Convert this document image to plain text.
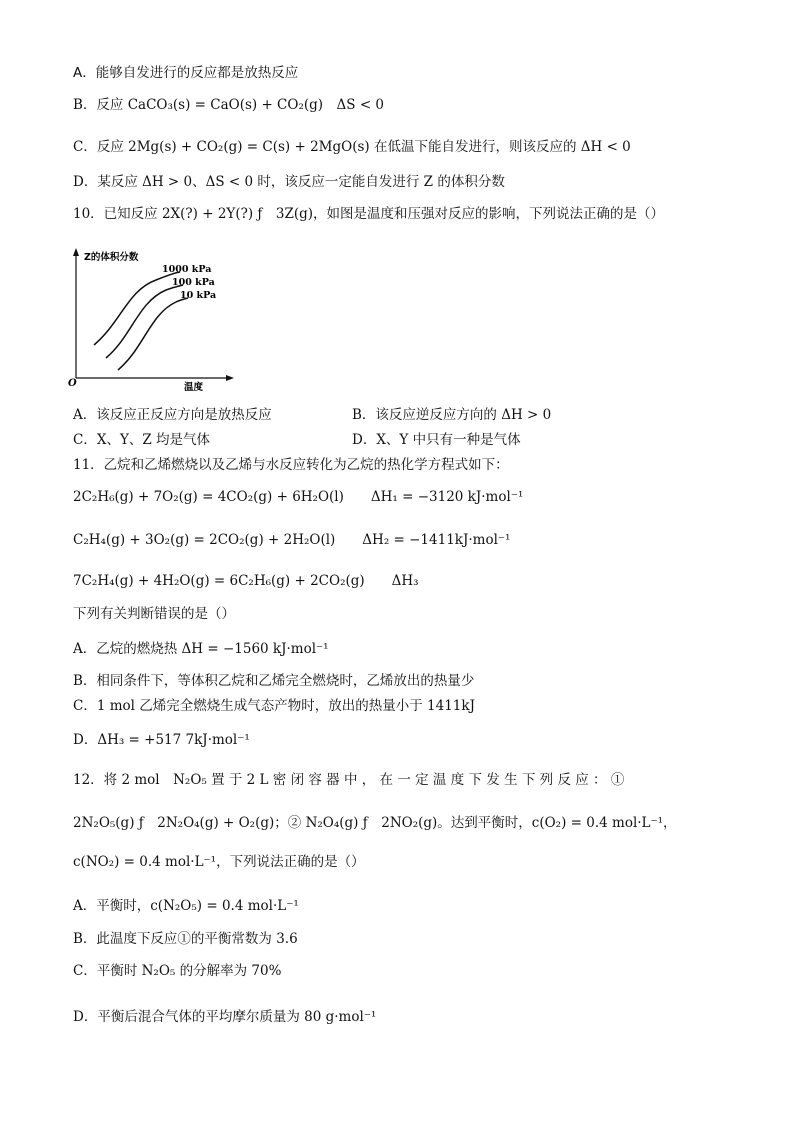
A．能够自发进行的反应都是放热反应
B．反应 CaCO₃(s) = CaO(s) + CO₂(g)　ΔS < 0
C．反应 2Mg(s) + CO₂(g) = C(s) + 2MgO(s) 在低温下能自发进行，则该反应的 ΔH < 0
D．某反应 ΔH > 0、ΔS < 0 时，该反应一定能自发进行 Z 的体积分数
10．已知反应 2X(?) + 2Y(?) ƒ　3Z(g)，如图是温度和压强对反应的影响，下列说法正确的是（）
Z的体积分数
1000 kPa
100 kPa
10 kPa
O	温度
A．该反应正反应方向是放热反应	B．该反应逆反应方向的 ΔH > 0
C．X、Y、Z 均是气体	D．X、Y 中只有一种是气体
11．乙烷和乙烯燃烧以及乙烯与水反应转化为乙烷的热化学方程式如下：
2C₂H₆(g) + 7O₂(g) = 4CO₂(g) + 6H₂O(l)　　ΔH₁ = −3120 kJ·mol⁻¹
C₂H₄(g) + 3O₂(g) = 2CO₂(g) + 2H₂O(l)　　ΔH₂ = −1411kJ·mol⁻¹
7C₂H₄(g) + 4H₂O(g) = 6C₂H₆(g) + 2CO₂(g)　　ΔH₃
下列有关判断错误的是（）
A．乙烷的燃烧热 ΔH = −1560 kJ·mol⁻¹
B．相同条件下，等体积乙烷和乙烯完全燃烧时，乙烯放出的热量少
C．1 mol 乙烯完全燃烧生成气态产物时，放出的热量小于 1411kJ
D．ΔH₃ = +517 7kJ·mol⁻¹
12．将 2 mol　N₂O₅ 置 于 2 L 密 闭 容 器 中 ， 在 一 定 温 度 下 发 生 下 列 反 应 ： ①
2N₂O₅(g) ƒ　2N₂O₄(g) + O₂(g)；② N₂O₄(g) ƒ　2NO₂(g)。达到平衡时，c(O₂) = 0.4 mol·L⁻¹，
c(NO₂) = 0.4 mol·L⁻¹，下列说法正确的是（）
A．平衡时，c(N₂O₅) = 0.4 mol·L⁻¹
B．此温度下反应①的平衡常数为 3.6
C．平衡时 N₂O₅ 的分解率为 70%
D．平衡后混合气体的平均摩尔质量为 80 g·mol⁻¹
